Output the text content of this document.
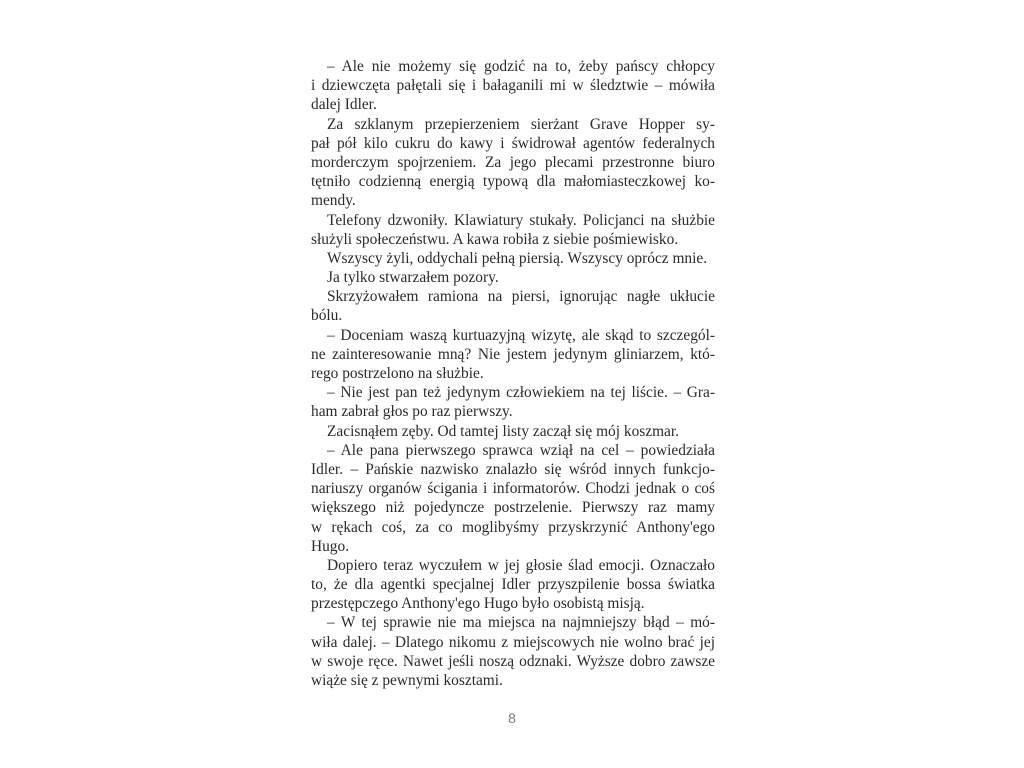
– Ale nie możemy się godzić na to, żeby pańscy chłopcy
i dziewczęta pałętali się i bałaganili mi w śledztwie – mówiła
dalej Idler.

Za szklanym przepierzeniem sierżant Grave Hopper sy-
pał pół kilo cukru do kawy i świdrował agentów federalnych
morderczym spojrzeniem. Za jego plecami przestronne biuro
tętniło codzienną energią typową dla małomiasteczkowej ko-
mendy.

Telefony dzwoniły. Klawiatury stukały. Policjanci na służbie
służyli społeczeństwu. A kawa robiła z siebie pośmiewisko.

Wszyscy żyli, oddychali pełną piersią. Wszyscy oprócz mnie.

Ja tylko stwarzałem pozory.

Skrzyżowałem ramiona na piersi, ignorując nagłe ukłucie
bólu.

– Doceniam waszą kurtuazyjną wizytę, ale skąd to szczegól-
ne zainteresowanie mną? Nie jestem jedynym gliniarzem, któ-
rego postrzelono na służbie.

– Nie jest pan też jedynym człowiekiem na tej liście. – Gra-
ham zabrał głos po raz pierwszy.

Zacisnąłem zęby. Od tamtej listy zaczął się mój koszmar.

– Ale pana pierwszego sprawca wziął na cel – powiedziała
Idler. – Pańskie nazwisko znalazło się wśród innych funkcjo-
nariuszy organów ścigania i informatorów. Chodzi jednak o coś
większego niż pojedyncze postrzelenie. Pierwszy raz mamy
w rękach coś, za co moglibyśmy przyskrzynić Anthony'ego
Hugo.

Dopiero teraz wyczułem w jej głosie ślad emocji. Oznaczało
to, że dla agentki specjalnej Idler przyszpilenie bossa światka
przestępczego Anthony'ego Hugo było osobistą misją.

– W tej sprawie nie ma miejsca na najmniejszy błąd – mó-
wiła dalej. – Dlatego nikomu z miejscowych nie wolno brać jej
w swoje ręce. Nawet jeśli noszą odznaki. Wyższe dobro zawsze
wiąże się z pewnymi kosztami.

8
